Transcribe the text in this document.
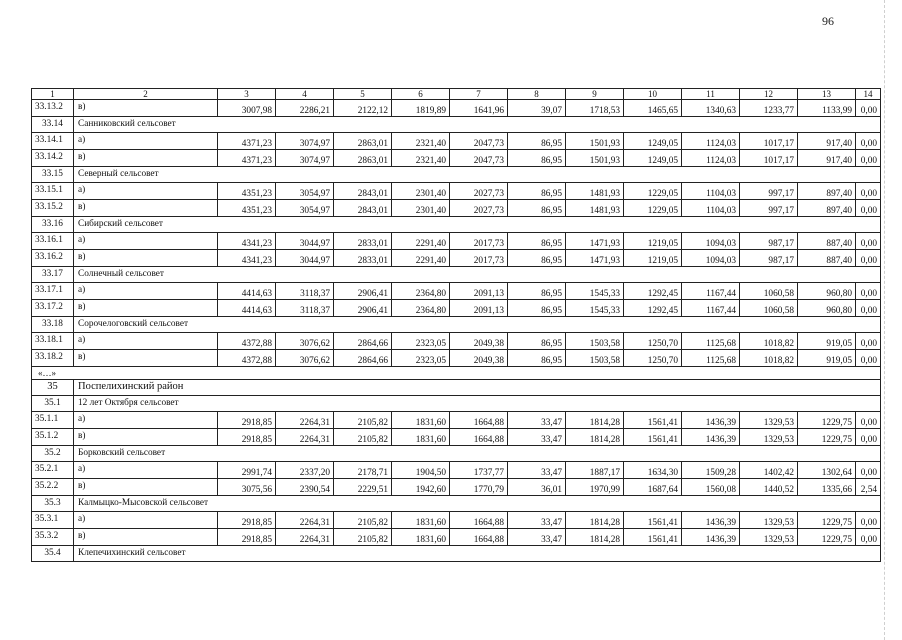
96
1	2	3	4	5	6	7	8	9	10	11	12	13	14
33.13.2	в)	3007,98	2286,21	2122,12	1819,89	1641,96	39,07	1718,53	1465,65	1340,63	1233,77	1133,99	0,00
33.14	Санниковский сельсовет												
33.14.1	а)	4371,23	3074,97	2863,01	2321,40	2047,73	86,95	1501,93	1249,05	1124,03	1017,17	917,40	0,00
33.14.2	в)	4371,23	3074,97	2863,01	2321,40	2047,73	86,95	1501,93	1249,05	1124,03	1017,17	917,40	0,00
33.15	Северный сельсовет												
33.15.1	а)	4351,23	3054,97	2843,01	2301,40	2027,73	86,95	1481,93	1229,05	1104,03	997,17	897,40	0,00
33.15.2	в)	4351,23	3054,97	2843,01	2301,40	2027,73	86,95	1481,93	1229,05	1104,03	997,17	897,40	0,00
33.16	Сибирский сельсовет												
33.16.1	а)	4341,23	3044,97	2833,01	2291,40	2017,73	86,95	1471,93	1219,05	1094,03	987,17	887,40	0,00
33.16.2	в)	4341,23	3044,97	2833,01	2291,40	2017,73	86,95	1471,93	1219,05	1094,03	987,17	887,40	0,00
33.17	Солнечный сельсовет												
33.17.1	а)	4414,63	3118,37	2906,41	2364,80	2091,13	86,95	1545,33	1292,45	1167,44	1060,58	960,80	0,00
33.17.2	в)	4414,63	3118,37	2906,41	2364,80	2091,13	86,95	1545,33	1292,45	1167,44	1060,58	960,80	0,00
33.18	Сорочелоговский сельсовет												
33.18.1	а)	4372,88	3076,62	2864,66	2323,05	2049,38	86,95	1503,58	1250,70	1125,68	1018,82	919,05	0,00
33.18.2	в)	4372,88	3076,62	2864,66	2323,05	2049,38	86,95	1503,58	1250,70	1125,68	1018,82	919,05	0,00
«…»													
35	Поспелихинский район												
35.1	12 лет Октября сельсовет												
35.1.1	а)	2918,85	2264,31	2105,82	1831,60	1664,88	33,47	1814,28	1561,41	1436,39	1329,53	1229,75	0,00
35.1.2	в)	2918,85	2264,31	2105,82	1831,60	1664,88	33,47	1814,28	1561,41	1436,39	1329,53	1229,75	0,00
35.2	Борковский сельсовет												
35.2.1	а)	2991,74	2337,20	2178,71	1904,50	1737,77	33,47	1887,17	1634,30	1509,28	1402,42	1302,64	0,00
35.2.2	в)	3075,56	2390,54	2229,51	1942,60	1770,79	36,01	1970,99	1687,64	1560,08	1440,52	1335,66	2,54
35.3	Калмыцко-Мысовской сельсовет												
35.3.1	а)	2918,85	2264,31	2105,82	1831,60	1664,88	33,47	1814,28	1561,41	1436,39	1329,53	1229,75	0,00
35.3.2	в)	2918,85	2264,31	2105,82	1831,60	1664,88	33,47	1814,28	1561,41	1436,39	1329,53	1229,75	0,00
35.4	Клепечихинский сельсовет												
